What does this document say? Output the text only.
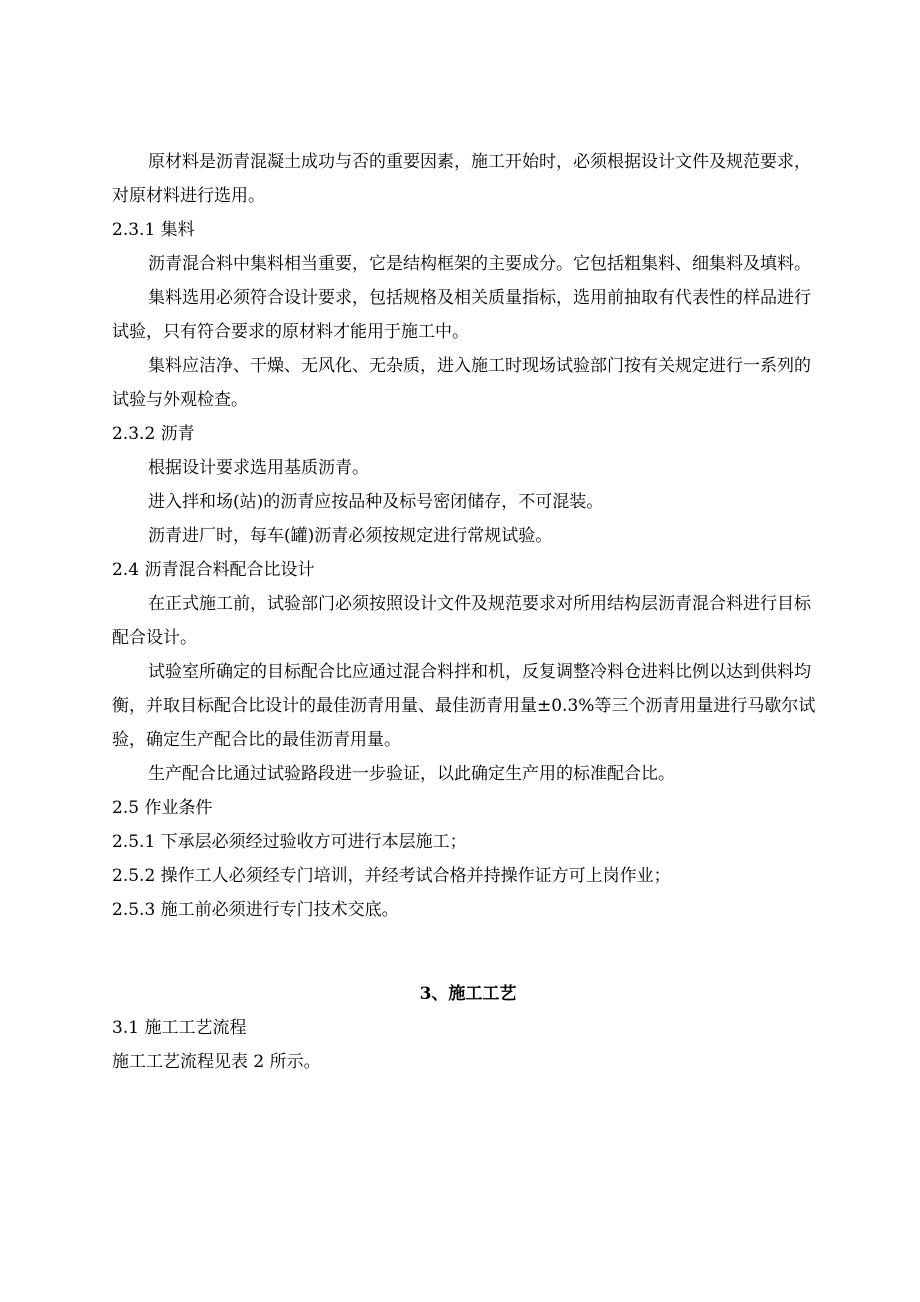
原材料是沥青混凝土成功与否的重要因素，施工开始时，必须根据设计文件及规范要求，对原材料进行选用。

2.3.1 集料

沥青混合料中集料相当重要，它是结构框架的主要成分。它包括粗集料、细集料及填料。

集料选用必须符合设计要求，包括规格及相关质量指标，选用前抽取有代表性的样品进行试验，只有符合要求的原材料才能用于施工中。

集料应洁净、干燥、无风化、无杂质，进入施工时现场试验部门按有关规定进行一系列的试验与外观检查。

2.3.2 沥青

根据设计要求选用基质沥青。

进入拌和场(站)的沥青应按品种及标号密闭储存，不可混装。

沥青进厂时，每车(罐)沥青必须按规定进行常规试验。

2.4 沥青混合料配合比设计

在正式施工前，试验部门必须按照设计文件及规范要求对所用结构层沥青混合料进行目标配合设计。

试验室所确定的目标配合比应通过混合料拌和机，反复调整冷料仓进料比例以达到供料均衡，并取目标配合比设计的最佳沥青用量、最佳沥青用量±0.3%等三个沥青用量进行马歇尔试验，确定生产配合比的最佳沥青用量。

生产配合比通过试验路段进一步验证，以此确定生产用的标准配合比。

2.5 作业条件

2.5.1 下承层必须经过验收方可进行本层施工；

2.5.2 操作工人必须经专门培训，并经考试合格并持操作证方可上岗作业；

2.5.3 施工前必须进行专门技术交底。

3、施工工艺

3.1 施工工艺流程

施工工艺流程见表 2 所示。
